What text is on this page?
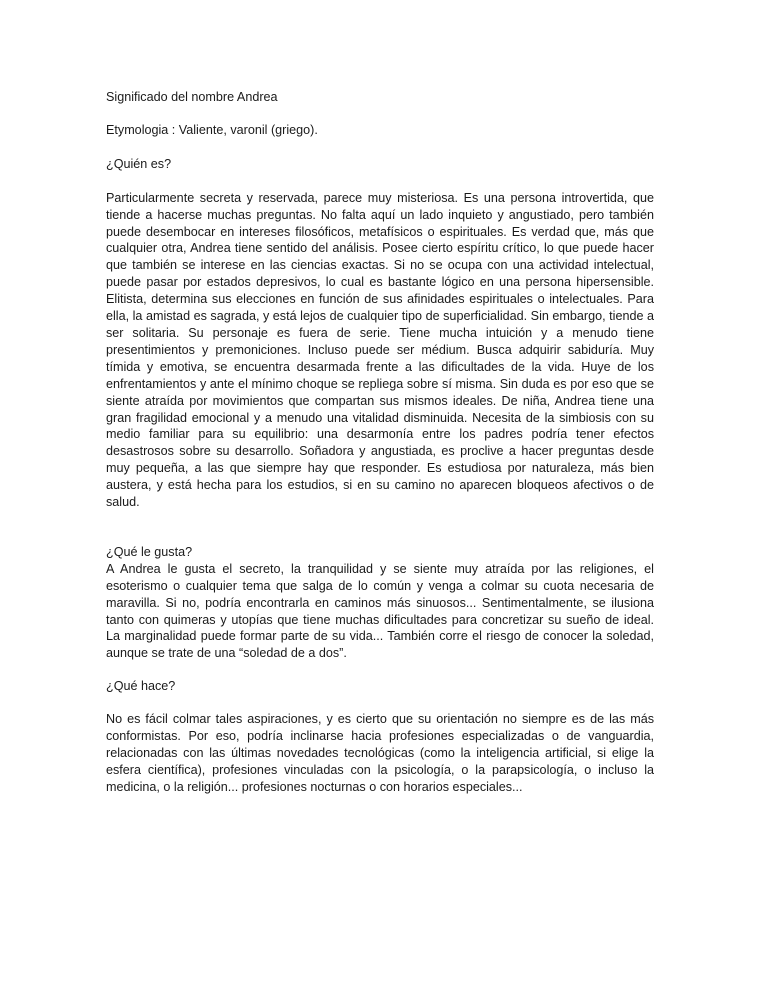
Significado del nombre Andrea

Etymologia : Valiente, varonil (griego).

¿Quién es?

Particularmente secreta y reservada, parece muy misteriosa. Es una persona introvertida, que tiende a hacerse muchas preguntas. No falta aquí un lado inquieto y angustiado, pero también puede desembocar en intereses filosóficos, metafísicos o espirituales. Es verdad que, más que cualquier otra, Andrea tiene sentido del análisis. Posee cierto espíritu crítico, lo que puede hacer que también se interese en las ciencias exactas. Si no se ocupa con una actividad intelectual, puede pasar por estados depresivos, lo cual es bastante lógico en una persona hipersensible. Elitista, determina sus elecciones en función de sus afinidades espirituales o intelectuales. Para ella, la amistad es sagrada, y está lejos de cualquier tipo de superficialidad. Sin embargo, tiende a ser solitaria. Su personaje es fuera de serie. Tiene mucha intuición y a menudo tiene presentimientos y premoniciones. Incluso puede ser médium. Busca adquirir sabiduría. Muy tímida y emotiva, se encuentra desarmada frente a las dificultades de la vida. Huye de los enfrentamientos y ante el mínimo choque se repliega sobre sí misma. Sin duda es por eso que se siente atraída por movimientos que compartan sus mismos ideales. De niña, Andrea tiene una gran fragilidad emocional y a menudo una vitalidad disminuida. Necesita de la simbiosis con su medio familiar para su equilibrio: una desarmonía entre los padres podría tener efectos desastrosos sobre su desarrollo. Soñadora y angustiada, es proclive a hacer preguntas desde muy pequeña, a las que siempre hay que responder. Es estudiosa por naturaleza, más bien austera, y está hecha para los estudios, si en su camino no aparecen bloqueos afectivos o de salud.

¿Qué le gusta?

A Andrea le gusta el secreto, la tranquilidad y se siente muy atraída por las religiones, el esoterismo o cualquier tema que salga de lo común y venga a colmar su cuota necesaria de maravilla. Si no, podría encontrarla en caminos más sinuosos... Sentimentalmente, se ilusiona tanto con quimeras y utopías que tiene muchas dificultades para concretizar su sueño de ideal. La marginalidad puede formar parte de su vida... También corre el riesgo de conocer la soledad, aunque se trate de una “soledad de a dos”.

¿Qué hace?

No es fácil colmar tales aspiraciones, y es cierto que su orientación no siempre es de las más conformistas. Por eso, podría inclinarse hacia profesiones especializadas o de vanguardia, relacionadas con las últimas novedades tecnológicas (como la inteligencia artificial, si elige la esfera científica), profesiones vinculadas con la psicología, o la parapsicología, o incluso la medicina, o la religión... profesiones nocturnas o con horarios especiales...
